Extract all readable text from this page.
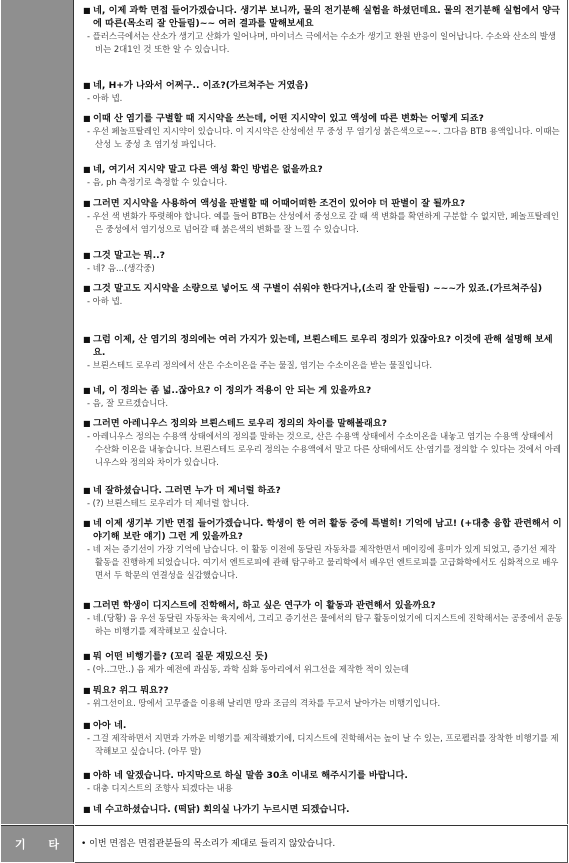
■ 네, 이제 과학 면접 들어가겠습니다. 생기부 보니까, 물의 전기분해 실험을 하셨던데요. 물의 전기분해 실험에서 양극에 따른(목소리 잘 안들림)~~ 여러 결과를 말해보세요
- 플러스극에서는 산소가 생기고 산화가 일어나며, 마이너스 극에서는 수소가 생기고 환원 반응이 일어납니다. 수소와 산소의 발생비는 2대1인 것 또한 알 수 있습니다.
■ 네, H+가 나와서 어쩌구.. 이죠?(가르쳐주는 거였음)
- 아하 넵.
■ 이때 산 염기를 구별할 때 지시약을 쓰는데, 어떤 지시약이 있고 액성에 따른 변화는 어떻게 되죠?
- 우선 페놀프탈레인 지시약이 있습니다. 이 지시약은 산성에선 무 중성 무 염기성 붉은색으로~~. 그다음 BTB 용액입니다. 이때는 산성 노 중성 초 염기성 파입니다.
■ 네, 여기서 지시약 말고 다른 액성 확인 방법은 없을까요?
- 음, ph 측정기로 측정할 수 있습니다.
■ 그러면 지시약을 사용하여 액성을 판별할 때 어때어떠한 조건이 있어야 더 판별이 잘 될까요?
- 우선 색 변화가 뚜렷해야 합니다. 예를 들어 BTB는 산성에서 중성으로 갈 때 색 변화를 확연하게 구분할 수 없지만, 페놀프탈레인은 중성에서 염기성으로 넘어갈 때 붉은색의 변화를 잘 느낄 수 있습니다.
■ 그것 말고는 뭐..?
- 네? 음...(생각중)
■ 그것 말고도 지시약을 소량으로 넣어도 색 구별이 쉬워야 한다거나,(소리 잘 안들림) ~~~가 있죠.(가르쳐주심)
- 아하 넵.
■ 그럼 이제, 산 염기의 정의에는 여러 가지가 있는데, 브뢴스테드 로우리 정의가 있잖아요? 이것에 관해 설명해 보세요.
- 브뢴스테드 로우리 정의에서 산은 수소이온을 주는 물질, 염기는 수소이온을 받는 물질입니다.
■ 네, 이 정의는 좀 넓..잖아요? 이 정의가 적용이 안 되는 게 있을까요?
- 음, 잘 모르겠습니다.
■ 그러면 아레니우스 정의와 브뢴스테드 로우리 정의의 차이를 말해볼래요?
- 아레니우스 정의는 수용액 상태에서의 정의를 말하는 것으로, 산은 수용액 상태에서 수소이온을 내놓고 염기는 수용액 상태에서 수산화 이온을 내놓습니다. 브뢴스테드 로우리 정의는 수용액에서 말고 다른 상태에서도 산·염기를 정의할 수 있다는 것에서 아레니우스와 정의와 차이가 있습니다.
■ 네 잘하셨습니다. 그러면 누가 더 제너럴 하죠?
- (?) 브뢴스테드 로우리가 더 제너럴 합니다.
■ 네 이제 생기부 기반 면접 들어가겠습니다. 학생이 한 여러 활동 중에 특별히! 기억에 남고! (+대충 융합 관련해서 이야기해 보란 얘기) 그런 게 있을까요?
- 네 저는 증기선이 가장 기억에 남습니다. 이 활동 이전에 동달린 자동차를 제작한면서 메이킹에 흥미가 있게 되었고, 증기선 제작 활동을 진행하게 되었습니다. 여기서 엔트로피에 관해 탐구하고 물리학에서 배우던 엔트로피를 고급화학에서도 심화적으로 배우면서 두 학문의 연결성을 실감했습니다.
■ 그러면 학생이 디지스트에 진학해서, 하고 싶은 연구가 이 활동과 관련해서 있을까요?
- 네.(당황) 음 우선 동달린 자동차는 육지에서, 그리고 증기선은 물에서의 탐구 활동이었기에 디지스트에 진학해서는 공중에서 운동하는 비행기를 제작해보고 싶습니다.
■ 뭐 어떤 비행기를? (꼬리 질문 재밌으신 듯)
- (아..그만..) 음 제가 예전에 과심동, 과학 심화 동아리에서 위그선을 제작한 적이 있는데
■ 뭐요? 위그 뭐요??
- 위그선이요. 땅에서 고무줄을 이용해 날리면 땅과 조금의 격차를 두고서 날아가는 비행기입니다.
■ 아아 네.
- 그걸 제작하면서 지면과 가까운 비행기를 제작해봤기에, 디지스트에 진학해서는 높이 날 수 있는, 프로펠러를 장착한 비행기를 제작해보고 싶습니다. (아무 말)
■ 아하 네 알겠습니다. 마지막으로 하실 말씀 30초 이내로 해주시기를 바랍니다.
- 대충 디지스트의 조향사 되겠다는 내용
■ 네 수고하셨습니다. (떡닭) 회의실 나가기 누르시면 되겠습니다.
기 타 • 이번 면접은 면접관분들의 목소리가 제대로 들리지 않았습니다.
